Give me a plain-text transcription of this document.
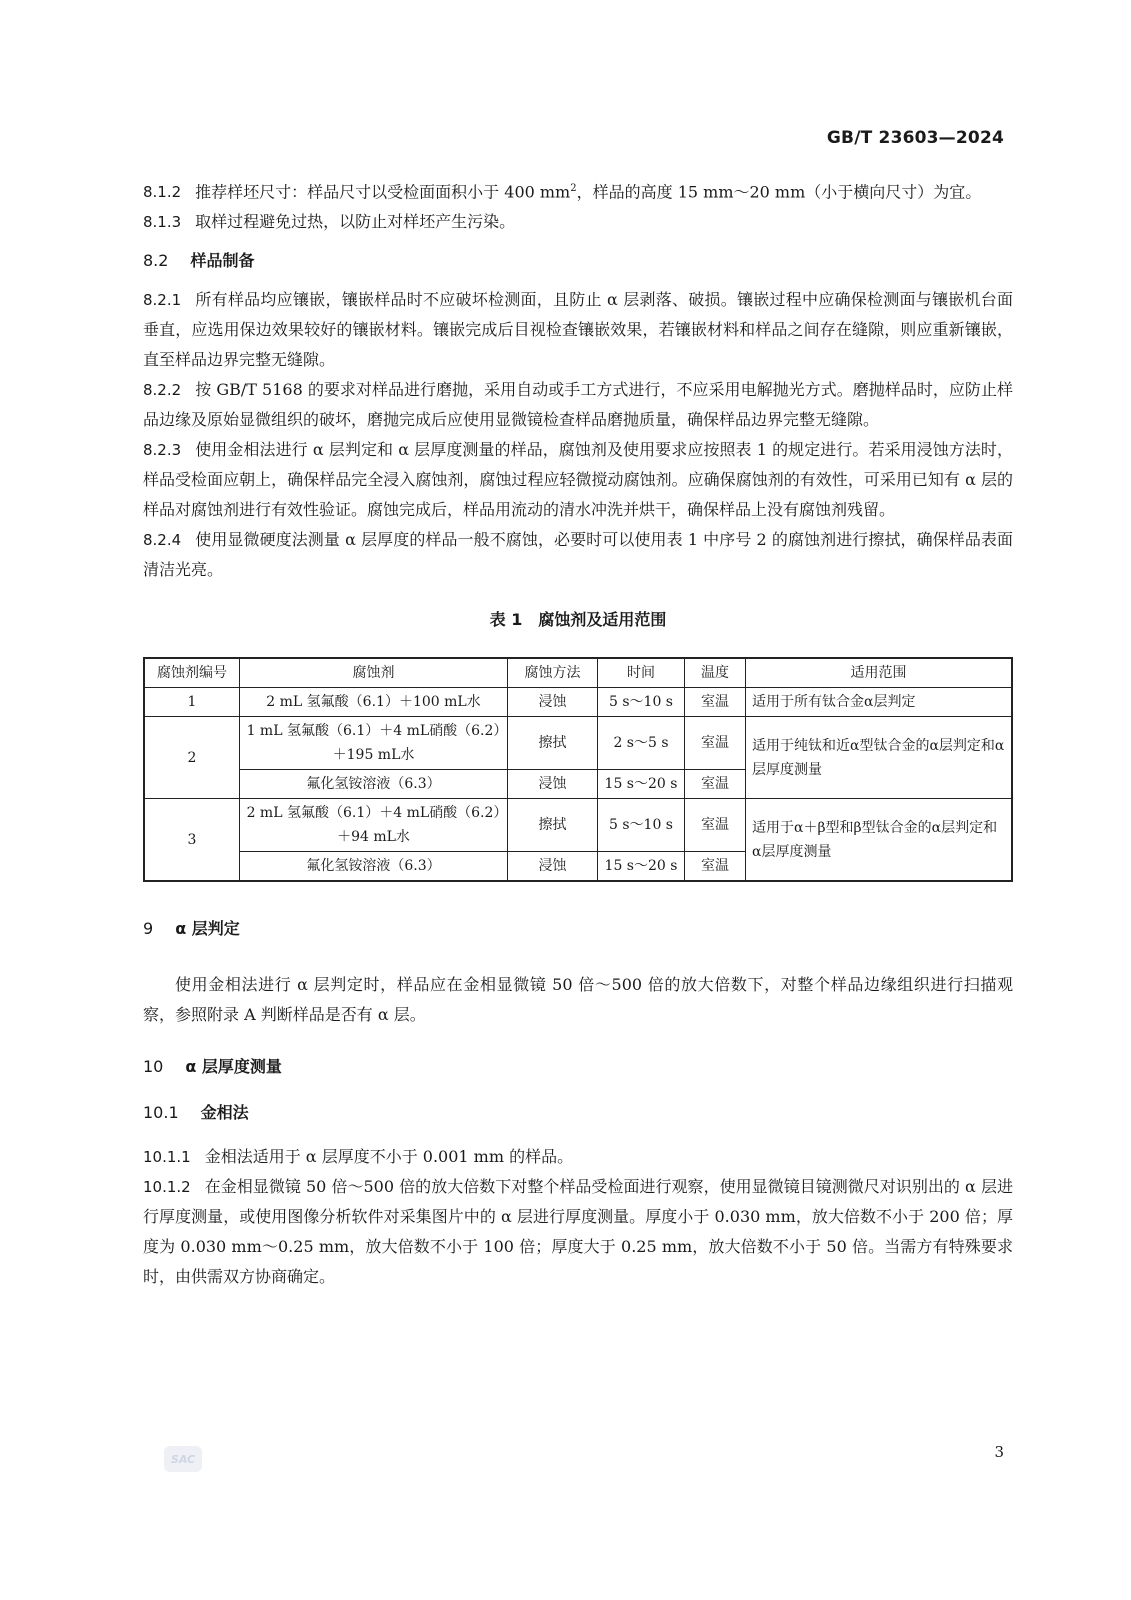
GB/T 23603—2024

8.1.2 推荐样坯尺寸：样品尺寸以受检面面积小于 400 $mm^2$，样品的高度 15 mm～20 mm（小于横向尺寸）为宜。

8.1.3 取样过程避免过热，以防止对样坯产生污染。

8.2 样品制备

8.2.1 所有样品均应镶嵌，镶嵌样品时不应破坏检测面，且防止 α 层剥落、破损。镶嵌过程中应确保检测面与镶嵌机台面垂直，应选用保边效果较好的镶嵌材料。镶嵌完成后目视检查镶嵌效果，若镶嵌材料和样品之间存在缝隙，则应重新镶嵌，直至样品边界完整无缝隙。

8.2.2 按 GB/T 5168 的要求对样品进行磨抛，采用自动或手工方式进行，不应采用电解抛光方式。磨抛样品时，应防止样品边缘及原始显微组织的破坏，磨抛完成后应使用显微镜检查样品磨抛质量，确保样品边界完整无缝隙。

8.2.3 使用金相法进行 α 层判定和 α 层厚度测量的样品，腐蚀剂及使用要求应按照表 1 的规定进行。若采用浸蚀方法时，样品受检面应朝上，确保样品完全浸入腐蚀剂，腐蚀过程应轻微搅动腐蚀剂。应确保腐蚀剂的有效性，可采用已知有 α 层的样品对腐蚀剂进行有效性验证。腐蚀完成后，样品用流动的清水冲洗并烘干，确保样品上没有腐蚀剂残留。

8.2.4 使用显微硬度法测量 α 层厚度的样品一般不腐蚀，必要时可以使用表 1 中序号 2 的腐蚀剂进行擦拭，确保样品表面清洁光亮。

表 1　腐蚀剂及适用范围
腐蚀剂编号	腐蚀剂	腐蚀方法	时间	温度	适用范围
1	2 mL 氢氟酸（6.1）＋100 mL水	浸蚀	5 s～10 s	室温	适用于所有钛合金α层判定
2	1 mL 氢氟酸（6.1）＋4 mL硝酸（6.2）＋195 mL水	擦拭	2 s～5 s	室温	适用于纯钛和近α型钛合金的α层判定和α层厚度测量
	氟化氢铵溶液（6.3）	浸蚀	15 s～20 s	室温	
3	2 mL 氢氟酸（6.1）＋4 mL硝酸（6.2）＋94 mL水	擦拭	5 s～10 s	室温	适用于α＋β型和β型钛合金的α层判定和α层厚度测量
	氟化氢铵溶液（6.3）	浸蚀	15 s～20 s	室温	

9 α 层判定

使用金相法进行 α 层判定时，样品应在金相显微镜 50 倍～500 倍的放大倍数下，对整个样品边缘组织进行扫描观察，参照附录 A 判断样品是否有 α 层。

10 α 层厚度测量

10.1 金相法

10.1.1 金相法适用于 α 层厚度不小于 0.001 mm 的样品。

10.1.2 在金相显微镜 50 倍～500 倍的放大倍数下对整个样品受检面进行观察，使用显微镜目镜测微尺对识别出的 α 层进行厚度测量，或使用图像分析软件对采集图片中的 α 层进行厚度测量。厚度小于 0.030 mm，放大倍数不小于 200 倍；厚度为 0.030 mm～0.25 mm，放大倍数不小于 100 倍；厚度大于 0.25 mm，放大倍数不小于 50 倍。当需方有特殊要求时，由供需双方协商确定。

SAC	3
